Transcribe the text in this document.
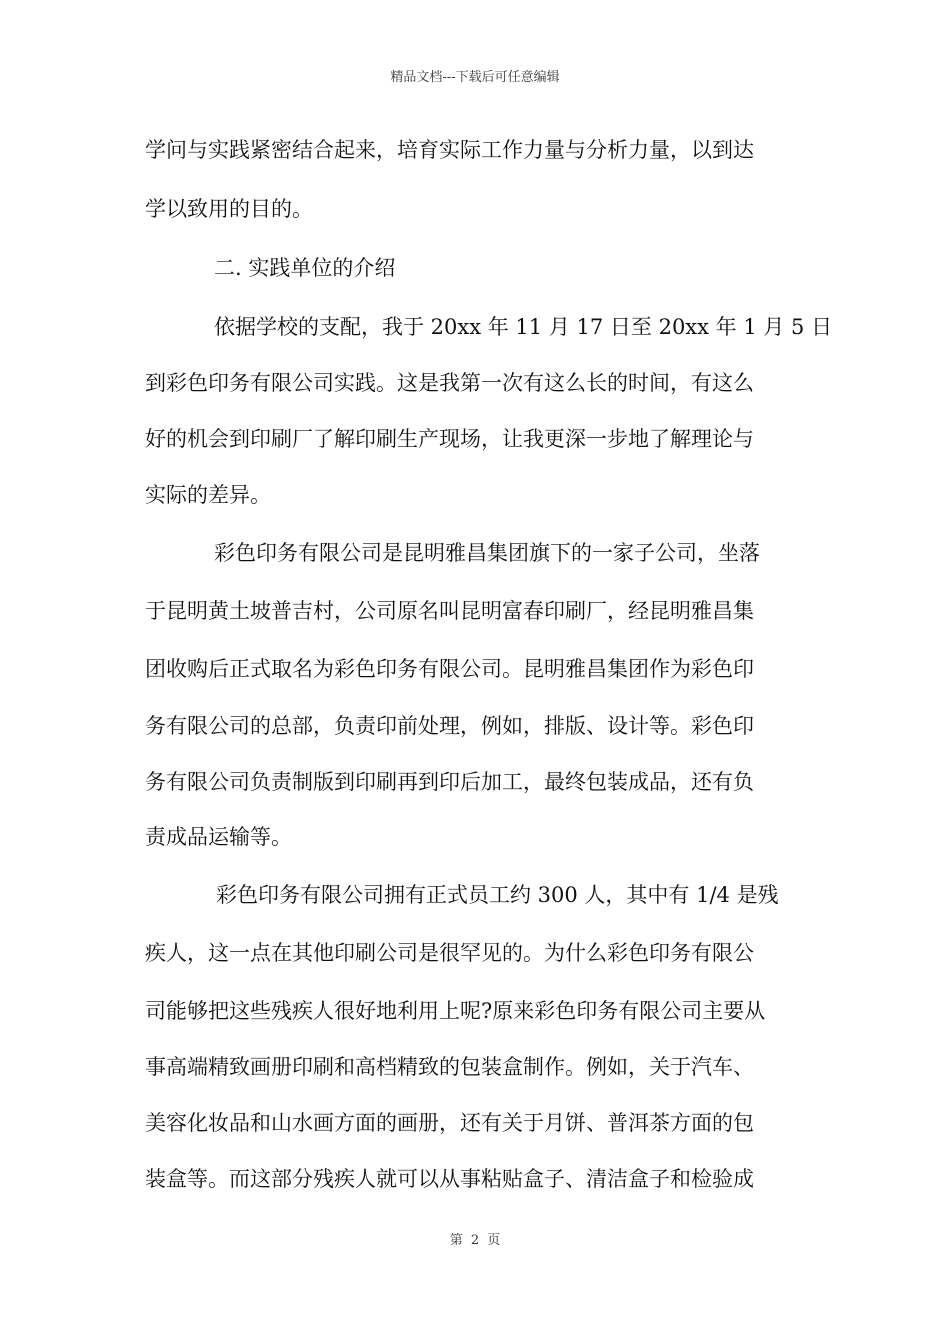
精品文档---下载后可任意编辑
学问与实践紧密结合起来，培育实际工作力量与分析力量，以到达
学以致用的目的。
二. 实践单位的介绍
依据学校的支配，我于 20xx 年 11 月 17 日至 20xx 年 1 月 5 日
到彩色印务有限公司实践。这是我第一次有这么长的时间，有这么
好的机会到印刷厂了解印刷生产现场，让我更深一步地了解理论与
实际的差异。
彩色印务有限公司是昆明雅昌集团旗下的一家子公司，坐落
于昆明黄土坡普吉村，公司原名叫昆明富春印刷厂，经昆明雅昌集
团收购后正式取名为彩色印务有限公司。昆明雅昌集团作为彩色印
务有限公司的总部，负责印前处理，例如，排版、设计等。彩色印
务有限公司负责制版到印刷再到印后加工，最终包装成品，还有负
责成品运输等。
彩色印务有限公司拥有正式员工约 300 人，其中有 1/4 是残
疾人，这一点在其他印刷公司是很罕见的。为什么彩色印务有限公
司能够把这些残疾人很好地利用上呢?原来彩色印务有限公司主要从
事高端精致画册印刷和高档精致的包装盒制作。例如，关于汽车、
美容化妆品和山水画方面的画册，还有关于月饼、普洱茶方面的包
装盒等。而这部分残疾人就可以从事粘贴盒子、清洁盒子和检验成
第 2 页
